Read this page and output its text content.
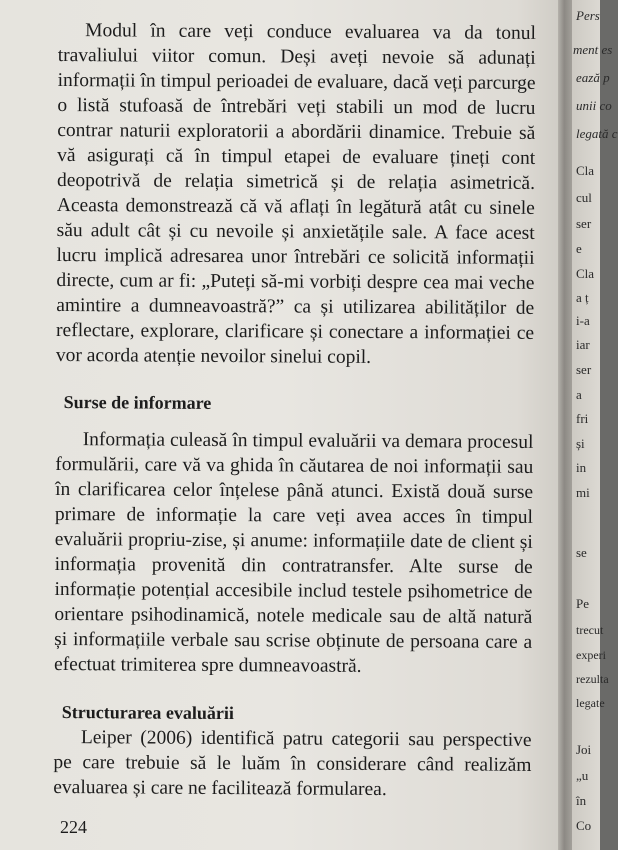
Modul în care veți conduce evaluarea va da tonul travaliului viitor comun. Deși aveți nevoie să adunați informații în timpul perioadei de evaluare, dacă veți parcurge o listă stufoasă de întrebări veți stabili un mod de lucru contrar naturii exploratorii a abordării dinamice. Trebuie să vă asigurați că în timpul etapei de evaluare țineți cont deopotrivă de relația simetrică și de relația asimetrică. Aceasta demonstrează că vă aflați în legătură atât cu sinele său adult cât și cu nevoile și anxietățile sale. A face acest lucru implică adresarea unor întrebări ce solicită informații directe, cum ar fi: „Puteți să-mi vorbiți despre cea mai veche amintire a dumneavoastră?” ca și utilizarea abilităților de reflectare, explorare, clarificare și conectare a informației ce vor acorda atenție nevoilor sinelui copil.

Surse de informare

Informația culeasă în timpul evaluării va demara procesul formulării, care vă va ghida în căutarea de noi informații sau în clarificarea celor înțelese până atunci. Există două surse primare de informație la care veți avea acces în timpul evaluării propriu-zise, și anume: informațiile date de client și informația provenită din contratransfer. Alte surse de informație potențial accesibile includ testele psihometrice de orientare psihodinamică, notele medicale sau de altă natură și informațiile verbale sau scrise obținute de persoana care a efectuat trimiterea spre dumneavoastră.

Structurarea evaluării

Leiper (2006) identifică patru categorii sau perspective pe care trebuie să le luăm în considerare când realizăm evaluarea și care ne facilitează formularea.

224
Pers
ment es
ează p
unii co
legată c
Cla
cul
ser
e
Cla
a ț
i-a
iar
ser
a
fri
și
in
mi
se
Pe
trecut
experi
rezulta
legate
Joi
„u
în
Co
